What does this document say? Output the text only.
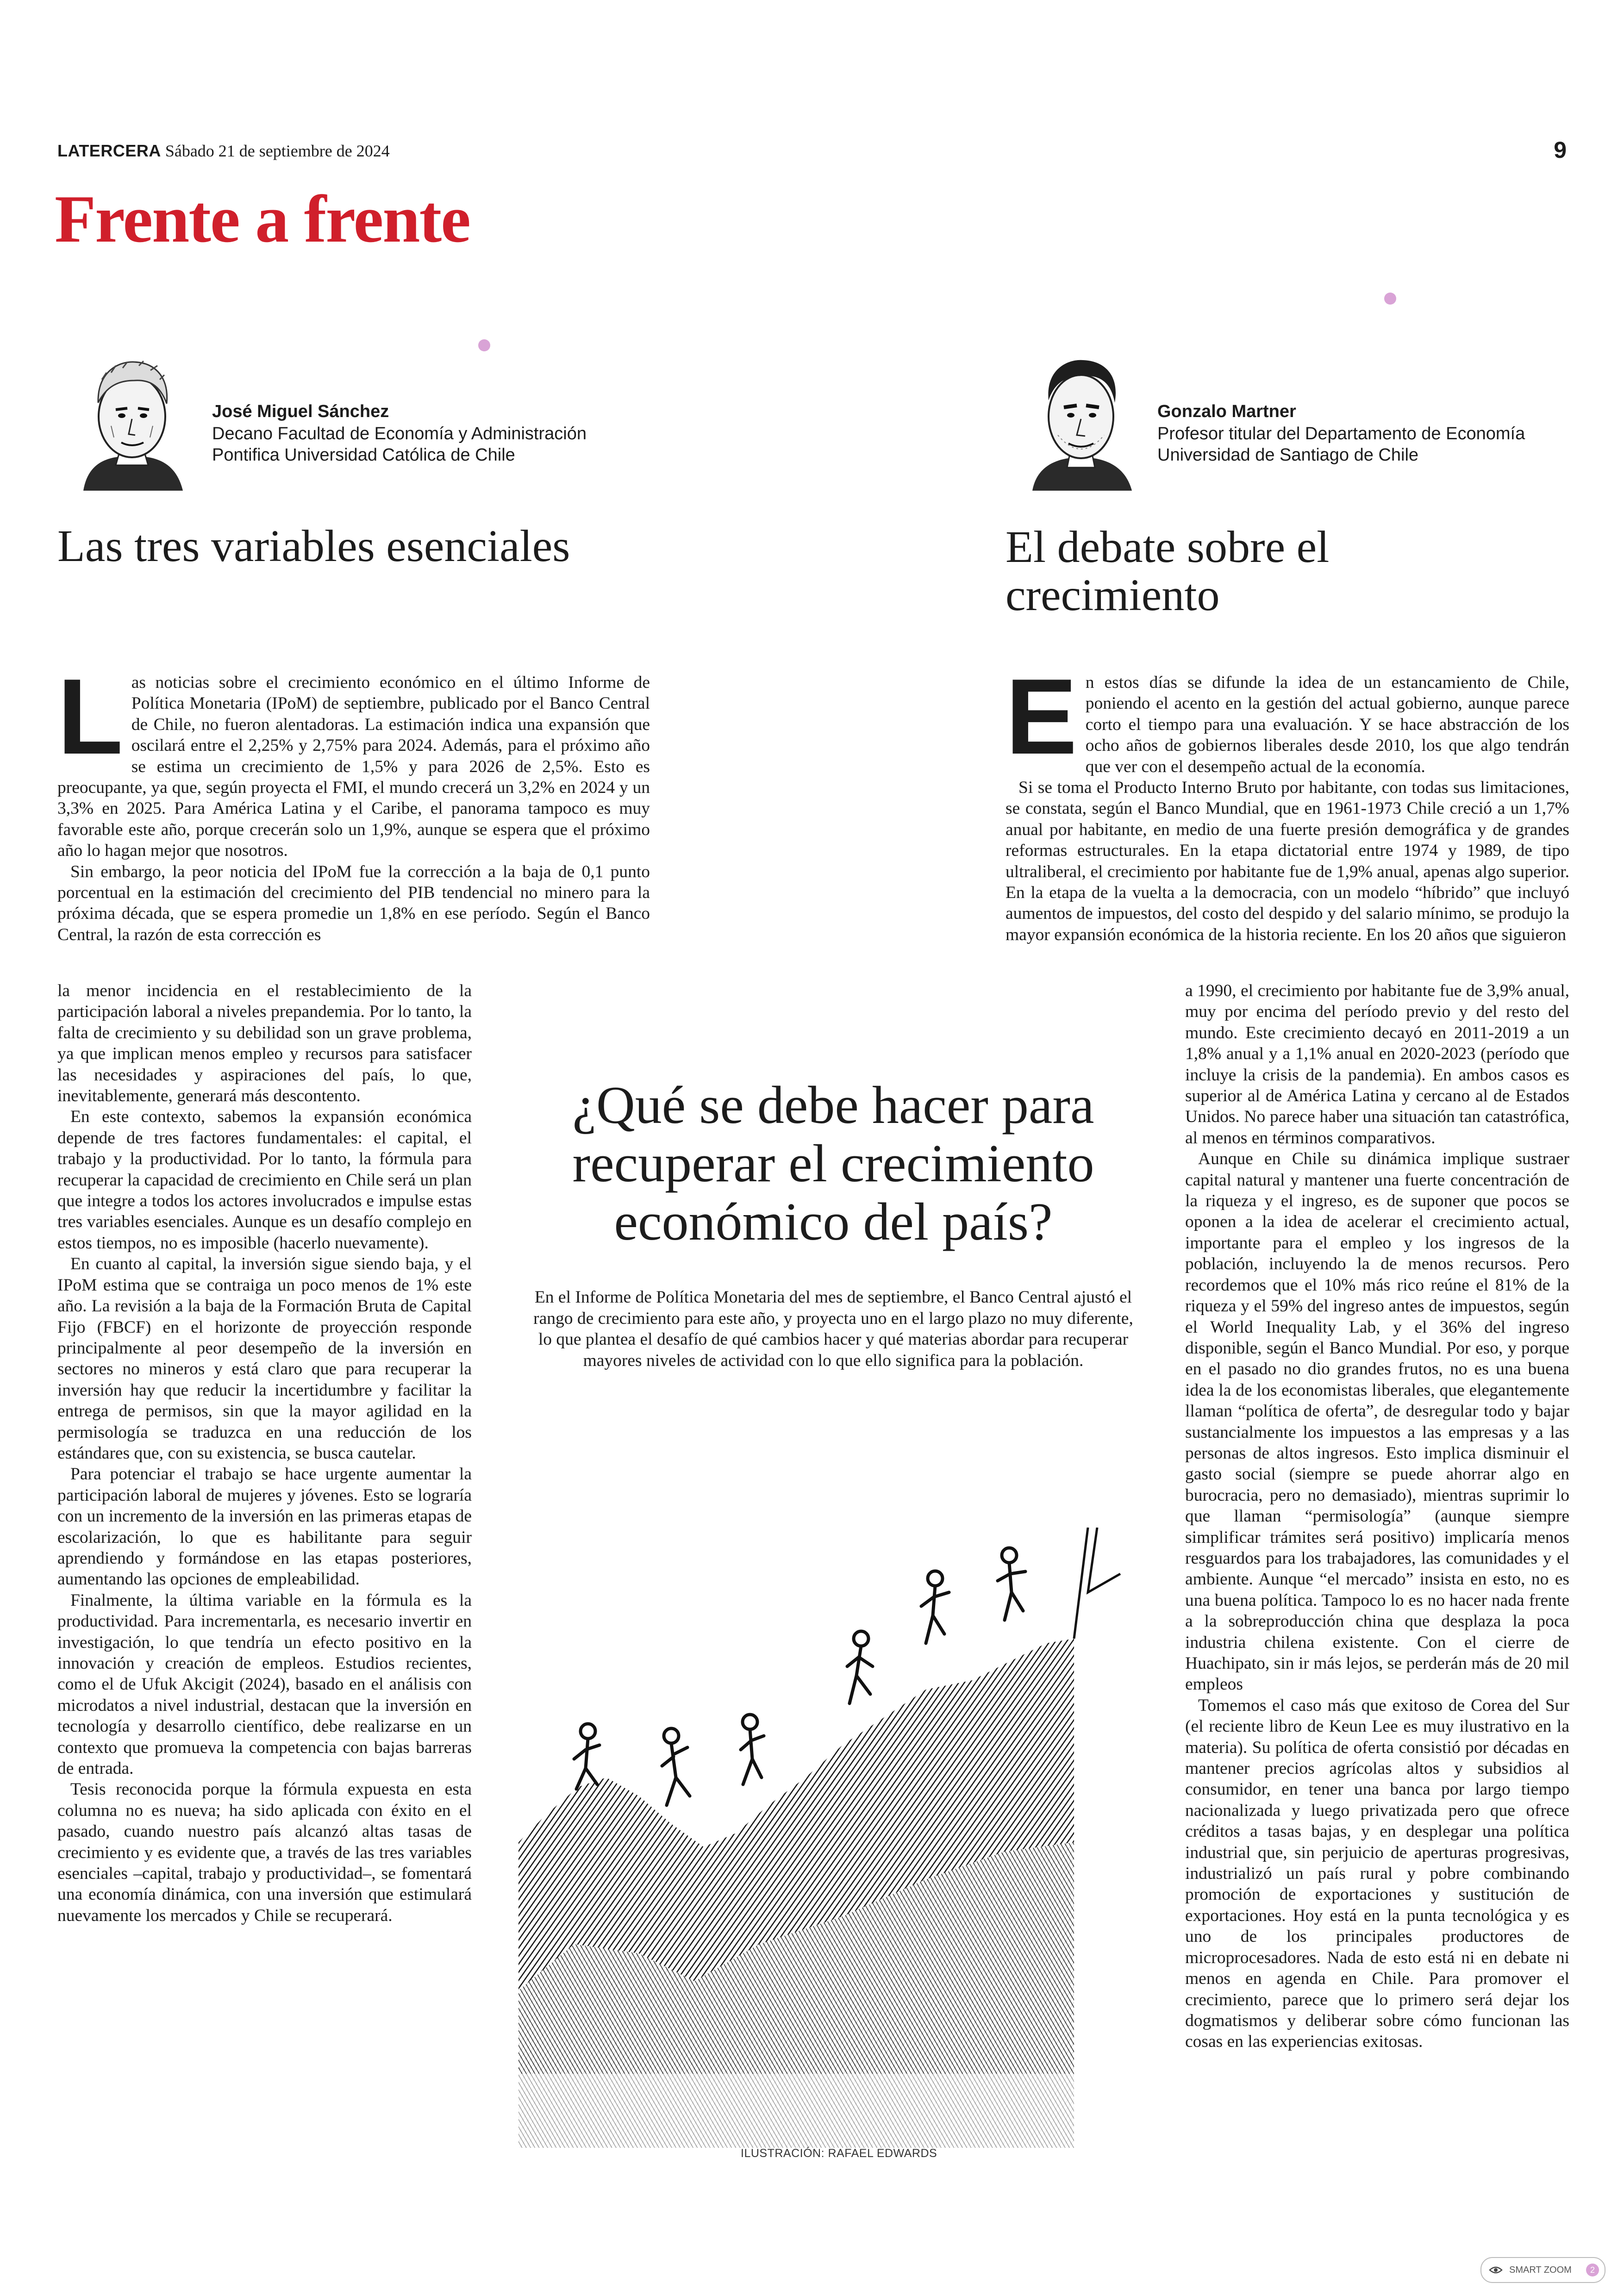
LATERCERA Sábado 21 de septiembre de 2024	9
Frente a frente
José Miguel Sánchez
Decano Facultad de Economía y Administración
Pontifica Universidad Católica de Chile
Las tres variables esenciales
Gonzalo Martner
Profesor titular del Departamento de Economía
Universidad de Santiago de Chile
El debate sobre el crecimiento
L as noticias sobre el crecimiento económico en el último Informe de Política Monetaria (IPoM) de septiembre, publicado por el Banco Central de Chile, no fueron alentadoras. La estimación indica una expansión que oscilará entre el 2,25% y 2,75% para 2024. Además, para el próximo año se estima un crecimiento de 1,5% y para 2026 de 2,5%. Esto es preocupante, ya que, según proyecta el FMI, el mundo crecerá un 3,2% en 2024 y un 3,3% en 2025. Para América Latina y el Caribe, el panorama tampoco es muy favorable este año, porque crecerán solo un 1,9%, aunque se espera que el próximo año lo hagan mejor que nosotros.

Sin embargo, la peor noticia del IPoM fue la corrección a la baja de 0,1 punto porcentual en la estimación del crecimiento del PIB tendencial no minero para la próxima década, que se espera promedie un 1,8% en ese período. Según el Banco Central, la razón de esta corrección es

la menor incidencia en el restablecimiento de la participación laboral a niveles prepandemia. Por lo tanto, la falta de crecimiento y su debilidad son un grave problema, ya que implican menos empleo y recursos para satisfacer las necesidades y aspiraciones del país, lo que, inevitablemente, generará más descontento.

En este contexto, sabemos la expansión económica depende de tres factores fundamentales: el capital, el trabajo y la productividad. Por lo tanto, la fórmula para recuperar la capacidad de crecimiento en Chile será un plan que integre a todos los actores involucrados e impulse estas tres variables esenciales. Aunque es un desafío complejo en estos tiempos, no es imposible (hacerlo nuevamente).

En cuanto al capital, la inversión sigue siendo baja, y el IPoM estima que se contraiga un poco menos de 1% este año. La revisión a la baja de la Formación Bruta de Capital Fijo (FBCF) en el horizonte de proyección responde principalmente al peor desempeño de la inversión en sectores no mineros y está claro que para recuperar la inversión hay que reducir la incertidumbre y facilitar la entrega de permisos, sin que la mayor agilidad en la permisología se traduzca en una reducción de los estándares que, con su existencia, se busca cautelar.

Para potenciar el trabajo se hace urgente aumentar la participación laboral de mujeres y jóvenes. Esto se lograría con un incremento de la inversión en las primeras etapas de escolarización, lo que es habilitante para seguir aprendiendo y formándose en las etapas posteriores, aumentando las opciones de empleabilidad.

Finalmente, la última variable en la fórmula es la productividad. Para incrementarla, es necesario invertir en investigación, lo que tendría un efecto positivo en la innovación y creación de empleos. Estudios recientes, como el de Ufuk Akcigit (2024), basado en el análisis con microdatos a nivel industrial, destacan que la inversión en tecnología y desarrollo científico, debe realizarse en un contexto que promueva la competencia con bajas barreras de entrada.

Tesis reconocida porque la fórmula expuesta en esta columna no es nueva; ha sido aplicada con éxito en el pasado, cuando nuestro país alcanzó altas tasas de crecimiento y es evidente que, a través de las tres variables esenciales –capital, trabajo y productividad–, se fomentará una economía dinámica, con una inversión que estimulará nuevamente los mercados y Chile se recuperará.

E n estos días se difunde la idea de un estancamiento de Chile, poniendo el acento en la gestión del actual gobierno, aunque parece corto el tiempo para una evaluación. Y se hace abstracción de los ocho años de gobiernos liberales desde 2010, los que algo tendrán que ver con el desempeño actual de la economía.

Si se toma el Producto Interno Bruto por habitante, con todas sus limitaciones, se constata, según el Banco Mundial, que en 1961-1973 Chile creció a un 1,7% anual por habitante, en medio de una fuerte presión demográfica y de grandes reformas estructurales. En la etapa dictatorial entre 1974 y 1989, de tipo ultraliberal, el crecimiento por habitante fue de 1,9% anual, apenas algo superior. En la etapa de la vuelta a la democracia, con un modelo “híbrido” que incluyó aumentos de impuestos, del costo del despido y del salario mínimo, se produjo la mayor expansión económica de la historia reciente. En los 20 años que siguieron

a 1990, el crecimiento por habitante fue de 3,9% anual, muy por encima del período previo y del resto del mundo. Este crecimiento decayó en 2011-2019 a un 1,8% anual y a 1,1% anual en 2020-2023 (período que incluye la crisis de la pandemia). En ambos casos es superior al de América Latina y cercano al de Estados Unidos. No parece haber una situación tan catastrófica, al menos en términos comparativos.

Aunque en Chile su dinámica implique sustraer capital natural y mantener una fuerte concentración de la riqueza y el ingreso, es de suponer que pocos se oponen a la idea de acelerar el crecimiento actual, importante para el empleo y los ingresos de la población, incluyendo la de menos recursos. Pero recordemos que el 10% más rico reúne el 81% de la riqueza y el 59% del ingreso antes de impuestos, según el World Inequality Lab, y el 36% del ingreso disponible, según el Banco Mundial. Por eso, y porque en el pasado no dio grandes frutos, no es una buena idea la de los economistas liberales, que elegantemente llaman “política de oferta”, de desregular todo y bajar sustancialmente los impuestos a las empresas y a las personas de altos ingresos. Esto implica disminuir el gasto social (siempre se puede ahorrar algo en burocracia, pero no demasiado), mientras suprimir lo que llaman “permisología” (aunque siempre simplificar trámites será positivo) implicaría menos resguardos para los trabajadores, las comunidades y el ambiente. Aunque “el mercado” insista en esto, no es una buena política. Tampoco lo es no hacer nada frente a la sobreproducción china que desplaza la poca industria chilena existente. Con el cierre de Huachipato, sin ir más lejos, se perderán más de 20 mil empleos

Tomemos el caso más que exitoso de Corea del Sur (el reciente libro de Keun Lee es muy ilustrativo en la materia). Su política de oferta consistió por décadas en mantener precios agrícolas altos y subsidios al consumidor, en tener una banca por largo tiempo nacionalizada y luego privatizada pero que ofrece créditos a tasas bajas, y en desplegar una política industrial que, sin perjuicio de aperturas progresivas, industrializó un país rural y pobre combinando promoción de exportaciones y sustitución de exportaciones. Hoy está en la punta tecnológica y es uno de los principales productores de microprocesadores. Nada de esto está ni en debate ni menos en agenda en Chile. Para promover el crecimiento, parece que lo primero será dejar los dogmatismos y deliberar sobre cómo funcionan las cosas en las experiencias exitosas.

¿Qué se debe hacer para recuperar el crecimiento económico del país?
En el Informe de Política Monetaria del mes de septiembre, el Banco Central ajustó el rango de crecimiento para este año, y proyecta uno en el largo plazo no muy diferente, lo que plantea el desafío de qué cambios hacer y qué materias abordar para recuperar mayores niveles de actividad con lo que ello significa para la población.
ILUSTRACIÓN: RAFAEL EDWARDS
SMART ZOOM	2
